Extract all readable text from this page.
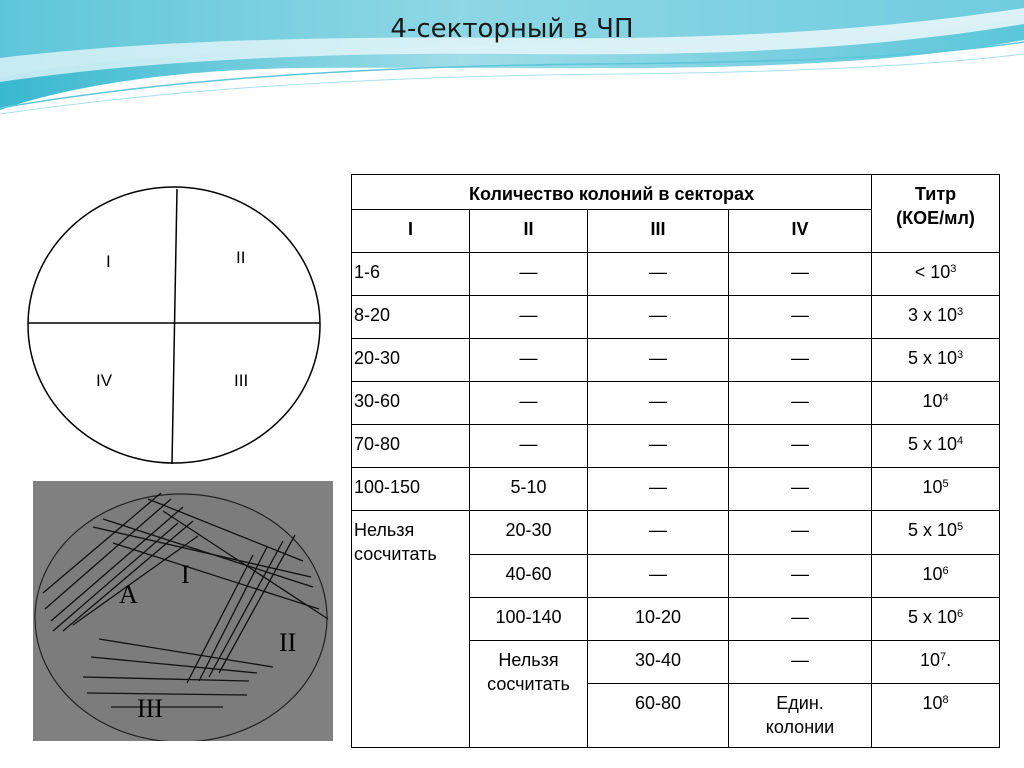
4-секторный в ЧП
I	II
IV	III
A
I
II
III
Количество колоний в секторах				Титр
(КОЕ/мл)
I	II	III	IV	
1-6	—	—	—	< $10^3$
8-20	—	—	—	3 х $10^3$
20-30	—	—	—	5 х $10^3$
30-60	—	—	—	$10^4$
70-80	—	—	—	5 х $10^4$
100-150	5-10	—	—	$10^5$
Нельзя
сосчитать	20-30	—	—	5 х $10^5$
	40-60	—	—	$10^6$
	100-140	10-20	—	5 х $10^6$
	Нельзя
сосчитать	30-40	—	$10^7$.
		60-80	Един.
колонии	$10^8$
